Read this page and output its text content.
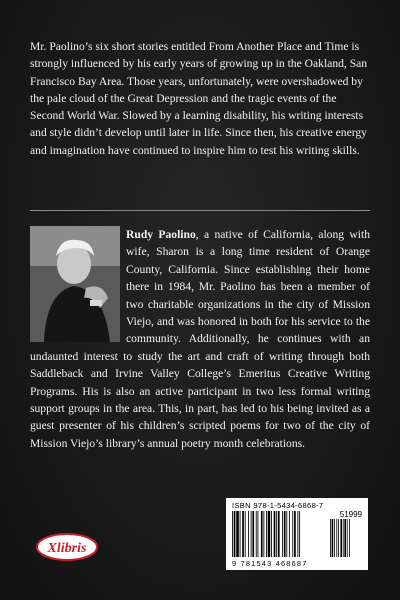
Mr. Paolino’s six short stories entitled From Another Place and Time is strongly influenced by his early years of growing up in the Oakland, San Francisco Bay Area. Those years, unfortunately, were overshadowed by the pale cloud of the Great Depression and the tragic events of the Second World War. Slowed by a learning disability, his writing interests and style didn’t develop until later in life. Since then, his creative energy and imagination have continued to inspire him to test his writing skills.

Rudy Paolino, a native of California, along with wife, Sharon is a long time resident of Orange County, California. Since establishing their home there in 1984, Mr. Paolino has been a member of two charitable organizations in the city of Mission Viejo, and was honored in both for his service to the community. Additionally, he continues with an undaunted interest to study the art and craft of writing through both Saddleback and Irvine Valley College’s Emeritus Creative Writing Programs. His is also an active participant in two less formal writing support groups in the area. This, in part, has led to his being invited as a guest presenter of his children’s scripted poems for two of the city of Mission Viejo’s library’s annual poetry month celebrations.

Xlibris
ISBN 978-1-5434-6868-7
51999
9 781543 468687
